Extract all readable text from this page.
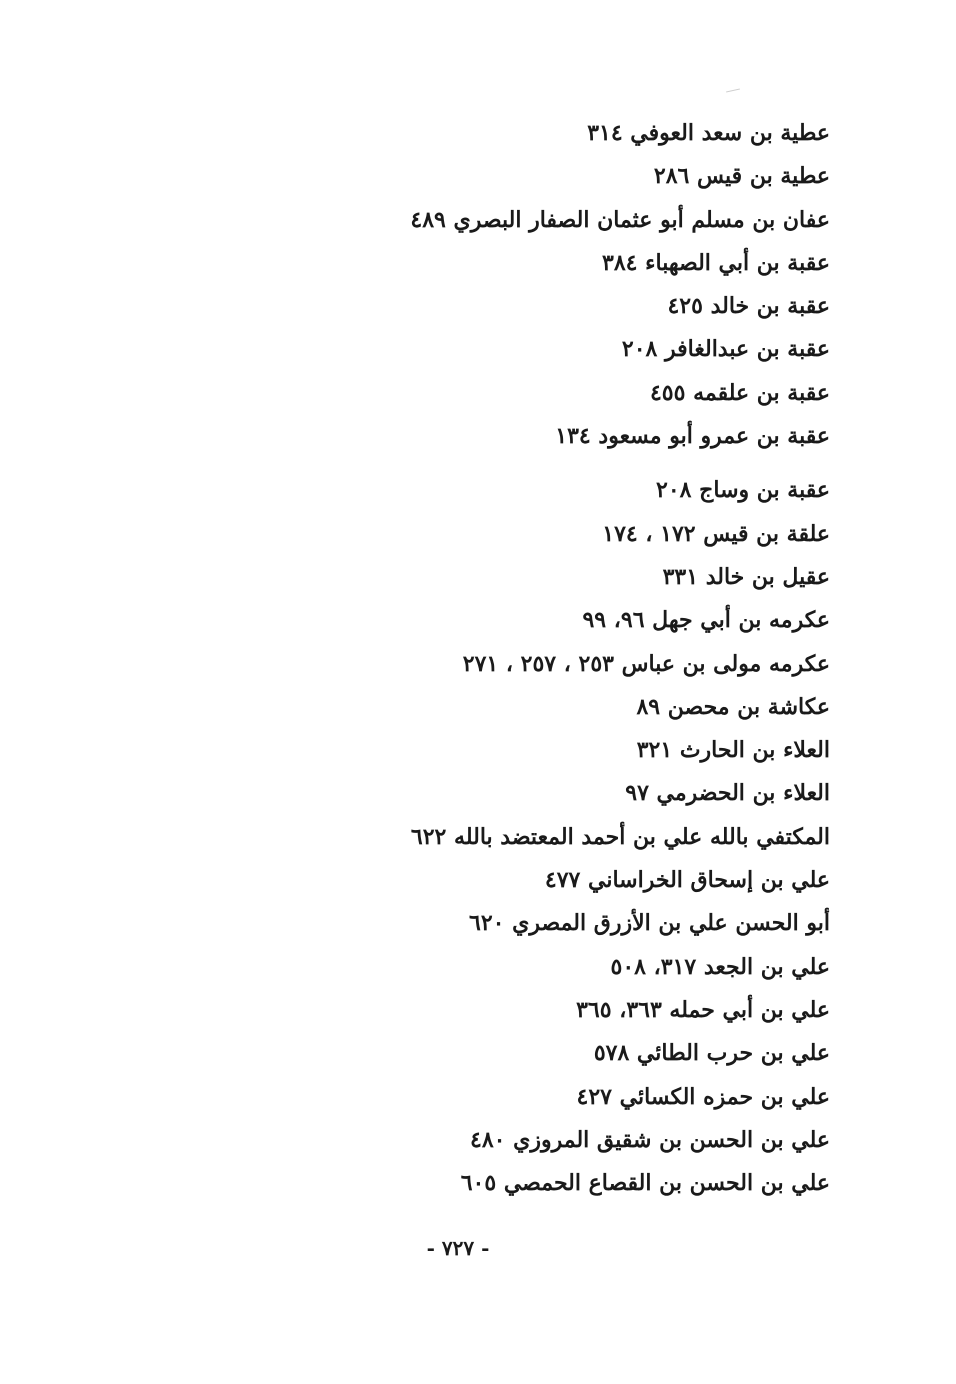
عطية بن سعد العوفي ٣١٤
عطية بن قيس ٢٨٦
عفان بن مسلم أبو عثمان الصفار البصري ٤٨٩
عقبة بن أبي الصهباء ٣٨٤
عقبة بن خالد ٤٢٥
عقبة بن عبدالغافر ٢٠٨
عقبة بن علقمه ٤٥٥
عقبة بن عمرو أبو مسعود ١٣٤
عقبة بن وساج ٢٠٨
علقة بن قيس ١٧٢ ، ١٧٤
عقيل بن خالد ٣٣١
عكرمه بن أبي جهل ٩٦، ٩٩
عكرمه مولى بن عباس ٢٥٣ ، ٢٥٧ ، ٢٧١
عكاشة بن محصن ٨٩
العلاء بن الحارث ٣٢١
العلاء بن الحضرمي ٩٧
المكتفي بالله علي بن أحمد المعتضد بالله ٦٢٢
علي بن إسحاق الخراساني ٤٧٧
أبو الحسن علي بن الأزرق المصري ٦٢٠
علي بن الجعد ٣١٧، ٥٠٨
علي بن أبي حمله ٣٦٣، ٣٦٥
علي بن حرب الطائي ٥٧٨
علي بن حمزه الكسائي ٤٢٧
علي بن الحسن بن شقيق المروزي ٤٨٠
علي بن الحسن بن القصاع الحمصي ٦٠٥
- ٧٢٧ -
